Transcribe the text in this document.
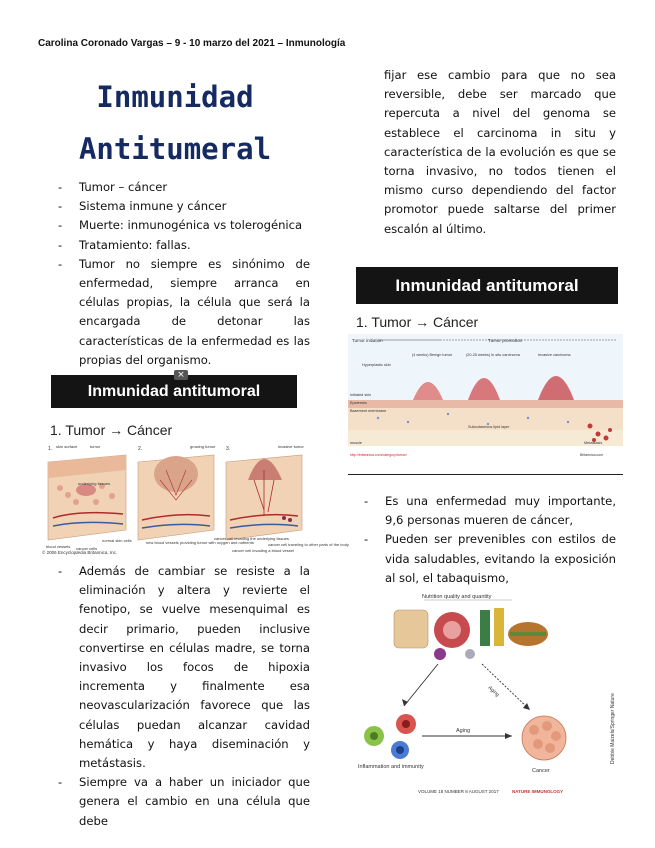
Carolina Coronado Vargas – 9 - 10 marzo del 2021 – Inmunología
Inmunidad
Antitumeral
- Tumor – cáncer
- Sistema inmune y cáncer
- Muerte: inmunogénica vs tolerogénica
- Tratamiento: fallas.
- Tumor no siempre es sinónimo de enfermedad, siempre arranca en células propias, la célula que será la encargada de detonar las características de la enfermedad es las propias del organismo.
Inmunidad antitumoral
×
1. Tumor → Cáncer
1.	2.	3.
skin surface	tumor
underlying tissues
blood vessels cancer cells
normal skin cells
growing tumor
new blood vessels providing tumor with oxygen and nutrients
invasive tumor
cancer cell invading the underlying tissues
cancer cell invading a blood vessel
cancer cell traveling to other parts of the body
© 2006 Encyclopædia Britannica, Inc.
- Además de cambiar se resiste a la eliminación y altera y revierte el fenotipo, se vuelve mesenquimal es decir primario, pueden inclusive convertirse en células madre, se torna invasivo los focos de hipoxia incrementa y finalmente esa neovascularización favorece que las células puedan alcanzar cavidad hemática y haya diseminación y metástasis.
- Siempre va a haber un iniciador que genera el cambio en una célula que debe

fijar ese cambio para que no sea reversible, debe ser marcado que repercuta a nivel del genoma se establece el carcinoma in situ y característica de la evolución es que se torna invasivo, no todos tienen el mismo curso dependiendo del factor promotor puede saltarse del primer escalón al último.

Inmunidad antitumoral
1. Tumor → Cáncer
Tumor initiation	Tumor promotion
(4 weeks) Benign tumor	(20-25 weeks) In situ carcinoma	Invasive carcinoma
Hyperplastic skin
Initiated skin
Epidermis
Basement membrane
Subcutaneous lipid layer
muscle	Metastasis
http://britannica.com/category/tumor/	Britannica.com
- Es una enfermedad muy importante, 9,6 personas mueren de cáncer,
- Pueden ser prevenibles con estilos de vida saludables, evitando la exposición al sol, el tabaquismo,
Nutrition quality and quantity
Aging
Aging
Inflammation and immunity
Cancer
Debbie Maizels/Springer Nature
VOLUME 18 NUMBER 8 AUGUST 2017	NATURE IMMUNOLOGY
